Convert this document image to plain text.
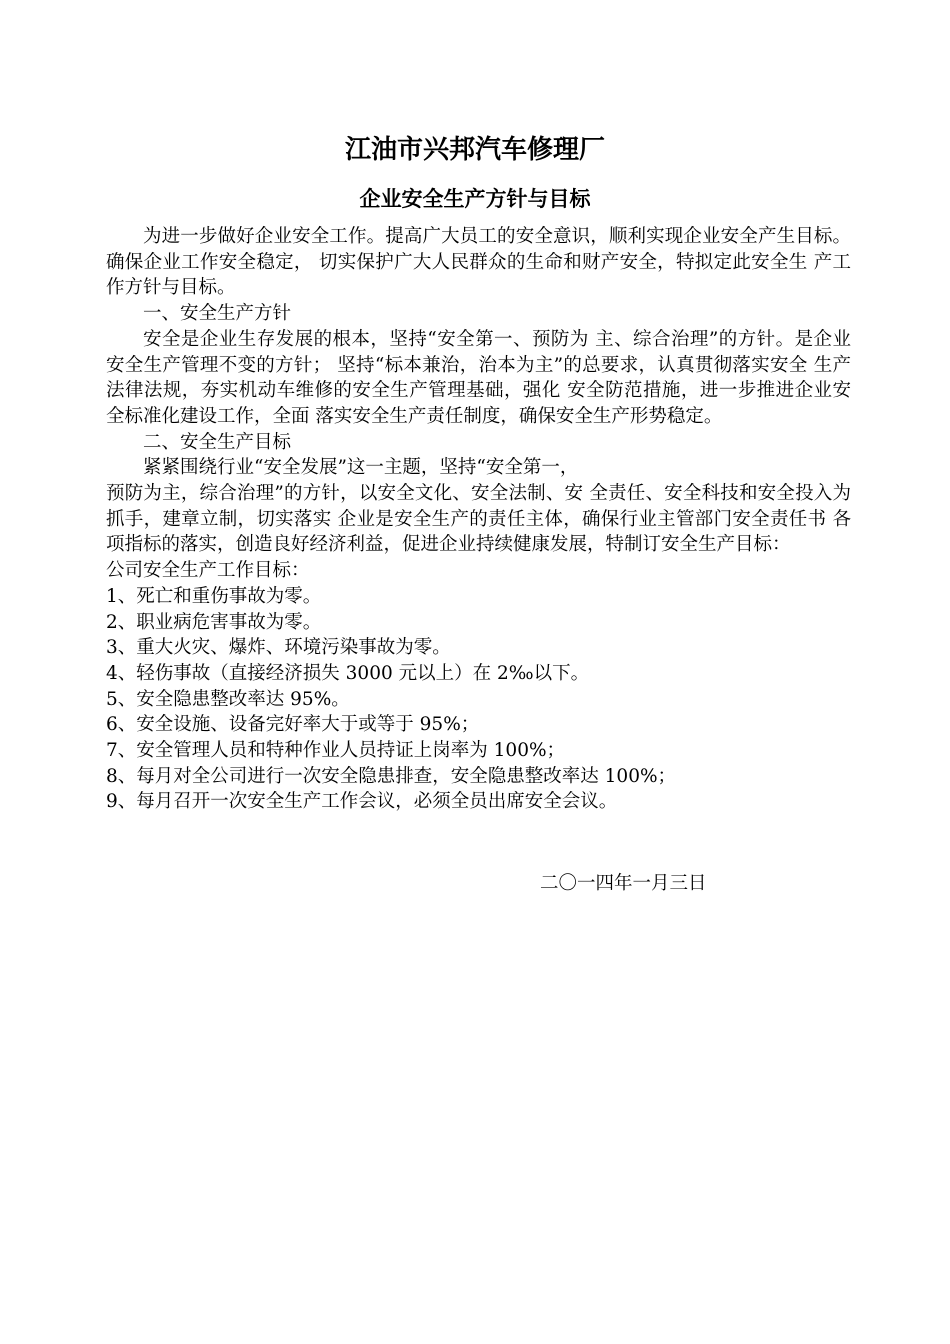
江油市兴邦汽车修理厂
企业安全生产方针与目标

为进一步做好企业安全工作。提高广大员工的安全意识，顺利实现企业安全产生目标。确保企业工作安全稳定， 切实保护广大人民群众的生命和财产安全，特拟定此安全生 产工作方针与目标。

一、安全生产方针

安全是企业生存发展的根本，坚持“安全第一、预防为 主、综合治理”的方针。是企业安全生产管理不变的方针； 坚持“标本兼治，治本为主”的总要求，认真贯彻落实安全 生产法律法规，夯实机动车维修的安全生产管理基础，强化 安全防范措施，进一步推进企业安全标准化建设工作，全面 落实安全生产责任制度，确保安全生产形势稳定。

二、安全生产目标

紧紧围绕行业“安全发展”这一主题，坚持“安全第一，

预防为主，综合治理”的方针，以安全文化、安全法制、安 全责任、安全科技和安全投入为抓手，建章立制，切实落实 企业是安全生产的责任主体，确保行业主管部门安全责任书 各项指标的落实，创造良好经济利益，促进企业持续健康发展，特制订安全生产目标：

公司安全生产工作目标：

1、死亡和重伤事故为零。

2、职业病危害事故为零。

3、重大火灾、爆炸、环境污染事故为零。

4、轻伤事故（直接经济损失 3000 元以上）在 2‰以下。

5、安全隐患整改率达 95%。

6、安全设施、设备完好率大于或等于 95%；

7、安全管理人员和特种作业人员持证上岗率为 100%；

8、每月对全公司进行一次安全隐患排查，安全隐患整改率达 100%；

9、每月召开一次安全生产工作会议，必须全员出席安全会议。

二〇一四年一月三日
